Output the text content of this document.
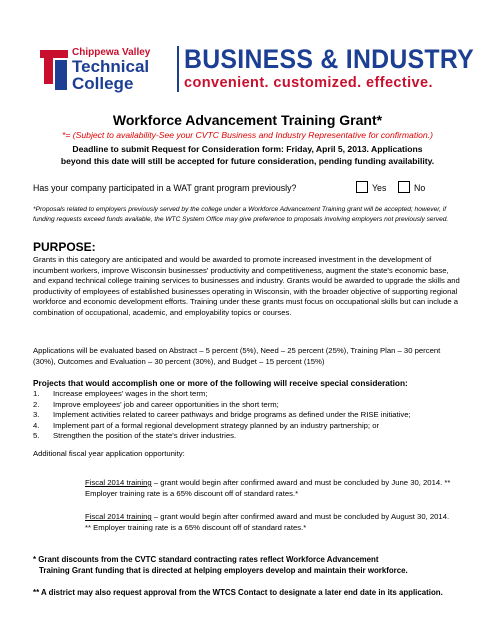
Chippewa Valley
Technical
College
BUSINESS & INDUSTRY
convenient. customized. effective.
Workforce Advancement Training Grant*
*= (Subject to availability-See your CVTC Business and Industry Representative for confirmation.)
Deadline to submit Request for Consideration form: Friday, April 5, 2013. Applications beyond this date will still be accepted for future consideration, pending funding availability.
Has your company participated in a WAT grant program previously?	Yes	No
*Proposals related to employers previously served by the college under a Workforce Advancement Training grant will be accepted; however, if funding requests exceed funds available, the WTC System Office may give preference to proposals involving employers not previously served.
PURPOSE:
Grants in this category are anticipated and would be awarded to promote increased investment in the development of incumbent workers, improve Wisconsin businesses' productivity and competitiveness, augment the state's economic base, and expand technical college training services to businesses and industry. Grants would be awarded to upgrade the skills and productivity of employees of established businesses operating in Wisconsin, with the broader objective of supporting regional workforce and economic development efforts. Training under these grants must focus on occupational skills but can include a combination of occupational, academic, and employability topics or courses.
Applications will be evaluated based on Abstract – 5 percent (5%), Need – 25 percent (25%), Training Plan – 30 percent (30%), Outcomes and Evaluation – 30 percent (30%), and Budget – 15 percent (15%)
Projects that would accomplish one or more of the following will receive special consideration:
1. Increase employees' wages in the short term;
2. Improve employees' job and career opportunities in the short term;
3. Implement activities related to career pathways and bridge programs as defined under the RISE initiative;
4. Implement part of a formal regional development strategy planned by an industry partnership; or
5. Strengthen the position of the state's driver industries.
Additional fiscal year application opportunity:
Fiscal 2014 training – grant would begin after confirmed award and must be concluded by June 30, 2014. ** Employer training rate is a 65% discount off of standard rates.*
Fiscal 2014 training – grant would begin after confirmed award and must be concluded by August 30, 2014. ** Employer training rate is a 65% discount off of standard rates.*
* Grant discounts from the CVTC standard contracting rates reflect Workforce Advancement
Training Grant funding that is directed at helping employers develop and maintain their workforce.
** A district may also request approval from the WTCS Contact to designate a later end date in its application.
